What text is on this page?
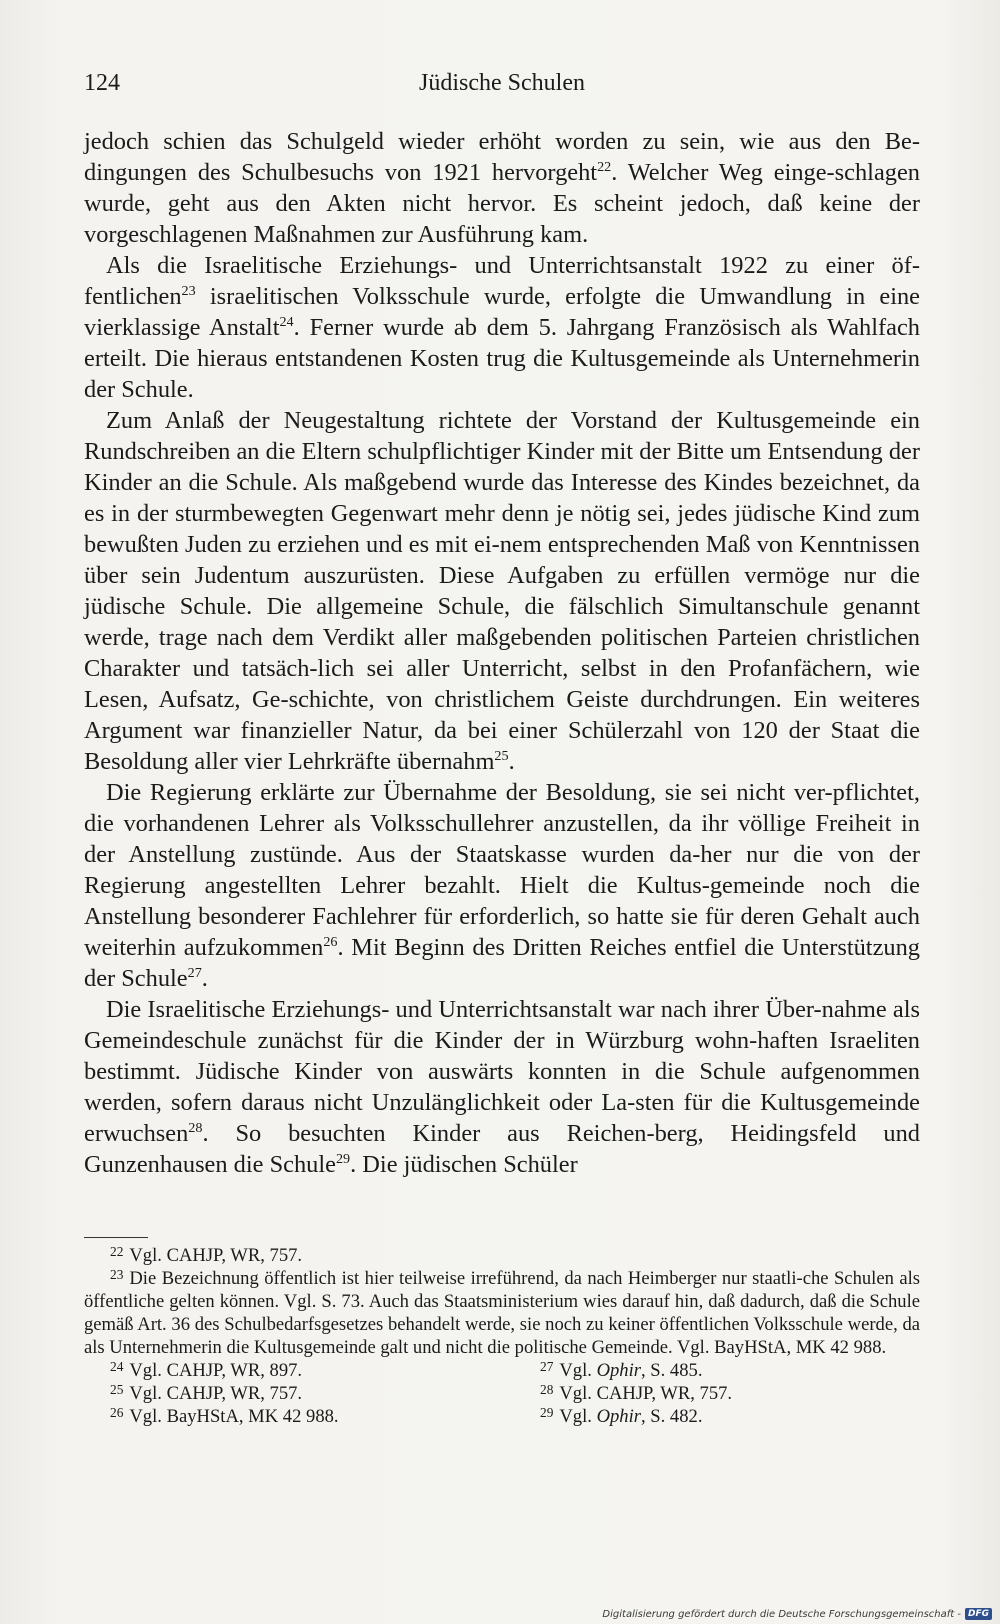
124	Jüdische Schulen

jedoch schien das Schulgeld wieder erhöht worden zu sein, wie aus den Be-dingungen des Schulbesuchs von 1921 hervorgeht$^{22}$. Welcher Weg einge-schlagen wurde, geht aus den Akten nicht hervor. Es scheint jedoch, daß keine der vorgeschlagenen Maßnahmen zur Ausführung kam.

Als die Israelitische Erziehungs- und Unterrichtsanstalt 1922 zu einer öf-fentlichen$^{23}$ israelitischen Volksschule wurde, erfolgte die Umwandlung in eine vierklassige Anstalt$^{24}$. Ferner wurde ab dem 5. Jahrgang Französisch als Wahlfach erteilt. Die hieraus entstandenen Kosten trug die Kultusgemeinde als Unternehmerin der Schule.

Zum Anlaß der Neugestaltung richtete der Vorstand der Kultusgemeinde ein Rundschreiben an die Eltern schulpflichtiger Kinder mit der Bitte um Entsendung der Kinder an die Schule. Als maßgebend wurde das Interesse des Kindes bezeichnet, da es in der sturmbewegten Gegenwart mehr denn je nötig sei, jedes jüdische Kind zum bewußten Juden zu erziehen und es mit ei-nem entsprechenden Maß von Kenntnissen über sein Judentum auszurüsten. Diese Aufgaben zu erfüllen vermöge nur die jüdische Schule. Die allgemeine Schule, die fälschlich Simultanschule genannt werde, trage nach dem Verdikt aller maßgebenden politischen Parteien christlichen Charakter und tatsäch-lich sei aller Unterricht, selbst in den Profanfächern, wie Lesen, Aufsatz, Ge-schichte, von christlichem Geiste durchdrungen. Ein weiteres Argument war finanzieller Natur, da bei einer Schülerzahl von 120 der Staat die Besoldung aller vier Lehrkräfte übernahm$^{25}$.

Die Regierung erklärte zur Übernahme der Besoldung, sie sei nicht ver-pflichtet, die vorhandenen Lehrer als Volksschullehrer anzustellen, da ihr völlige Freiheit in der Anstellung zustünde. Aus der Staatskasse wurden da-her nur die von der Regierung angestellten Lehrer bezahlt. Hielt die Kultus-gemeinde noch die Anstellung besonderer Fachlehrer für erforderlich, so hatte sie für deren Gehalt auch weiterhin aufzukommen$^{26}$. Mit Beginn des Dritten Reiches entfiel die Unterstützung der Schule$^{27}$.

Die Israelitische Erziehungs- und Unterrichtsanstalt war nach ihrer Über-nahme als Gemeindeschule zunächst für die Kinder der in Würzburg wohn-haften Israeliten bestimmt. Jüdische Kinder von auswärts konnten in die Schule aufgenommen werden, sofern daraus nicht Unzulänglichkeit oder La-sten für die Kultusgemeinde erwuchsen$^{28}$. So besuchten Kinder aus Reichen-berg, Heidingsfeld und Gunzenhausen die Schule$^{29}$. Die jüdischen Schüler

$^{22}$ Vgl. CAHJP, WR, 757.

$^{23}$ Die Bezeichnung öffentlich ist hier teilweise irreführend, da nach Heimberger nur staatli-che Schulen als öffentliche gelten können. Vgl. S. 73. Auch das Staatsministerium wies darauf hin, daß dadurch, daß die Schule gemäß Art. 36 des Schulbedarfsgesetzes behandelt werde, sie noch zu keiner öffentlichen Volksschule werde, da als Unternehmerin die Kultusgemeinde galt und nicht die politische Gemeinde. Vgl. BayHStA, MK 42 988.

$^{24}$ Vgl. CAHJP, WR, 897.

$^{25}$ Vgl. CAHJP, WR, 757.

$^{26}$ Vgl. BayHStA, MK 42 988.

$^{27}$ Vgl. Ophir, S. 485.

$^{28}$ Vgl. CAHJP, WR, 757.

$^{29}$ Vgl. Ophir, S. 482.

Digitalisierung gefördert durch die Deutsche Forschungsgemeinschaft - DFG
